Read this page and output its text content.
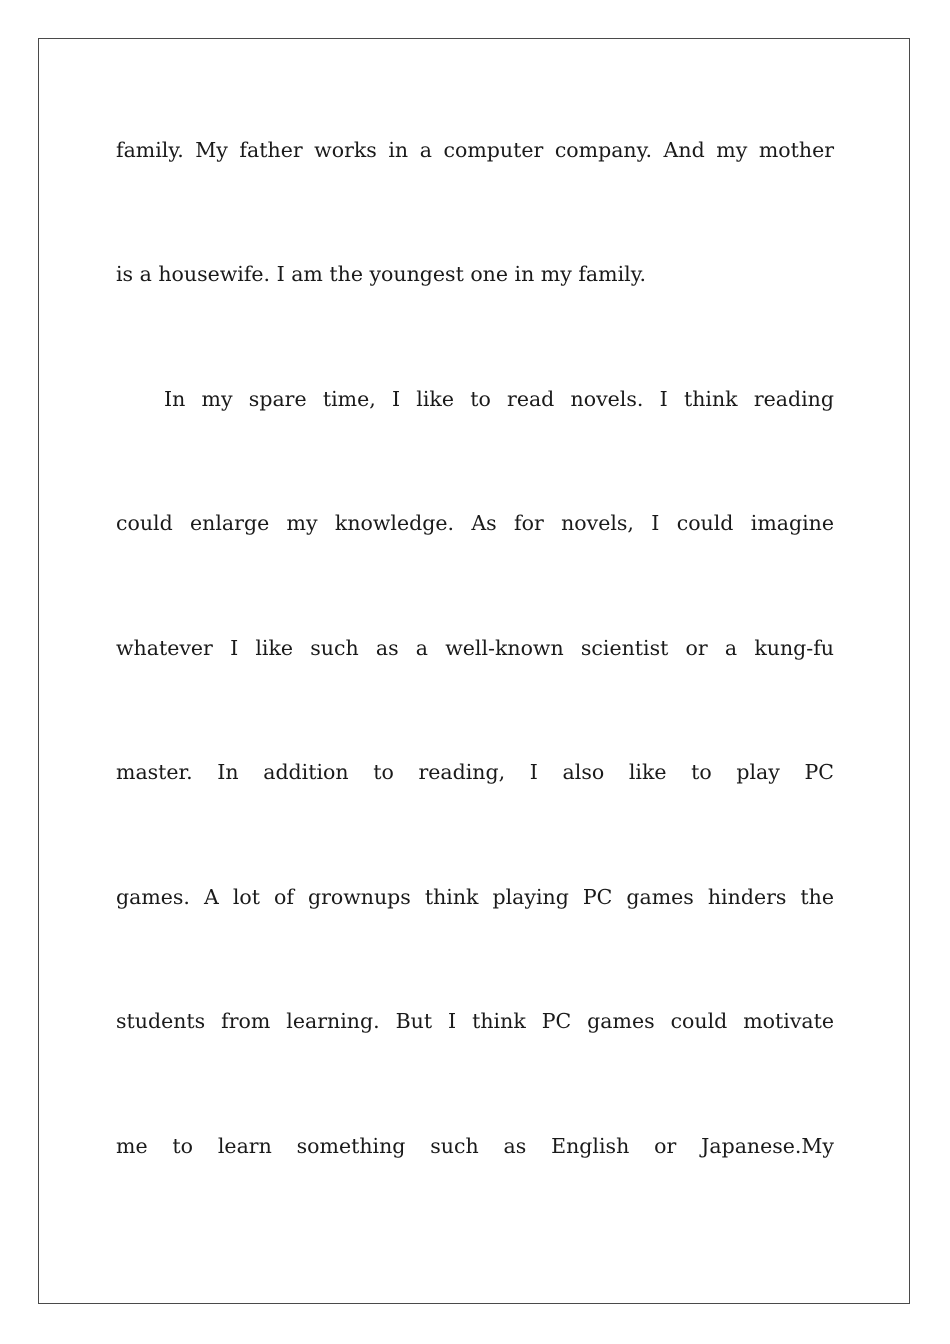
family. My father works in a computer company. And my mother
is a housewife. I am the youngest one in my family.
In my spare time, I like to read novels. I think reading
could enlarge my knowledge. As for novels, I could imagine
whatever I like such as a well-known scientist or a kung-fu
master. In addition to reading, I also like to play PC
games. A lot of grownups think playing PC games hinders the
students from learning. But I think PC games could motivate
me to learn something such as English or Japanese.My
